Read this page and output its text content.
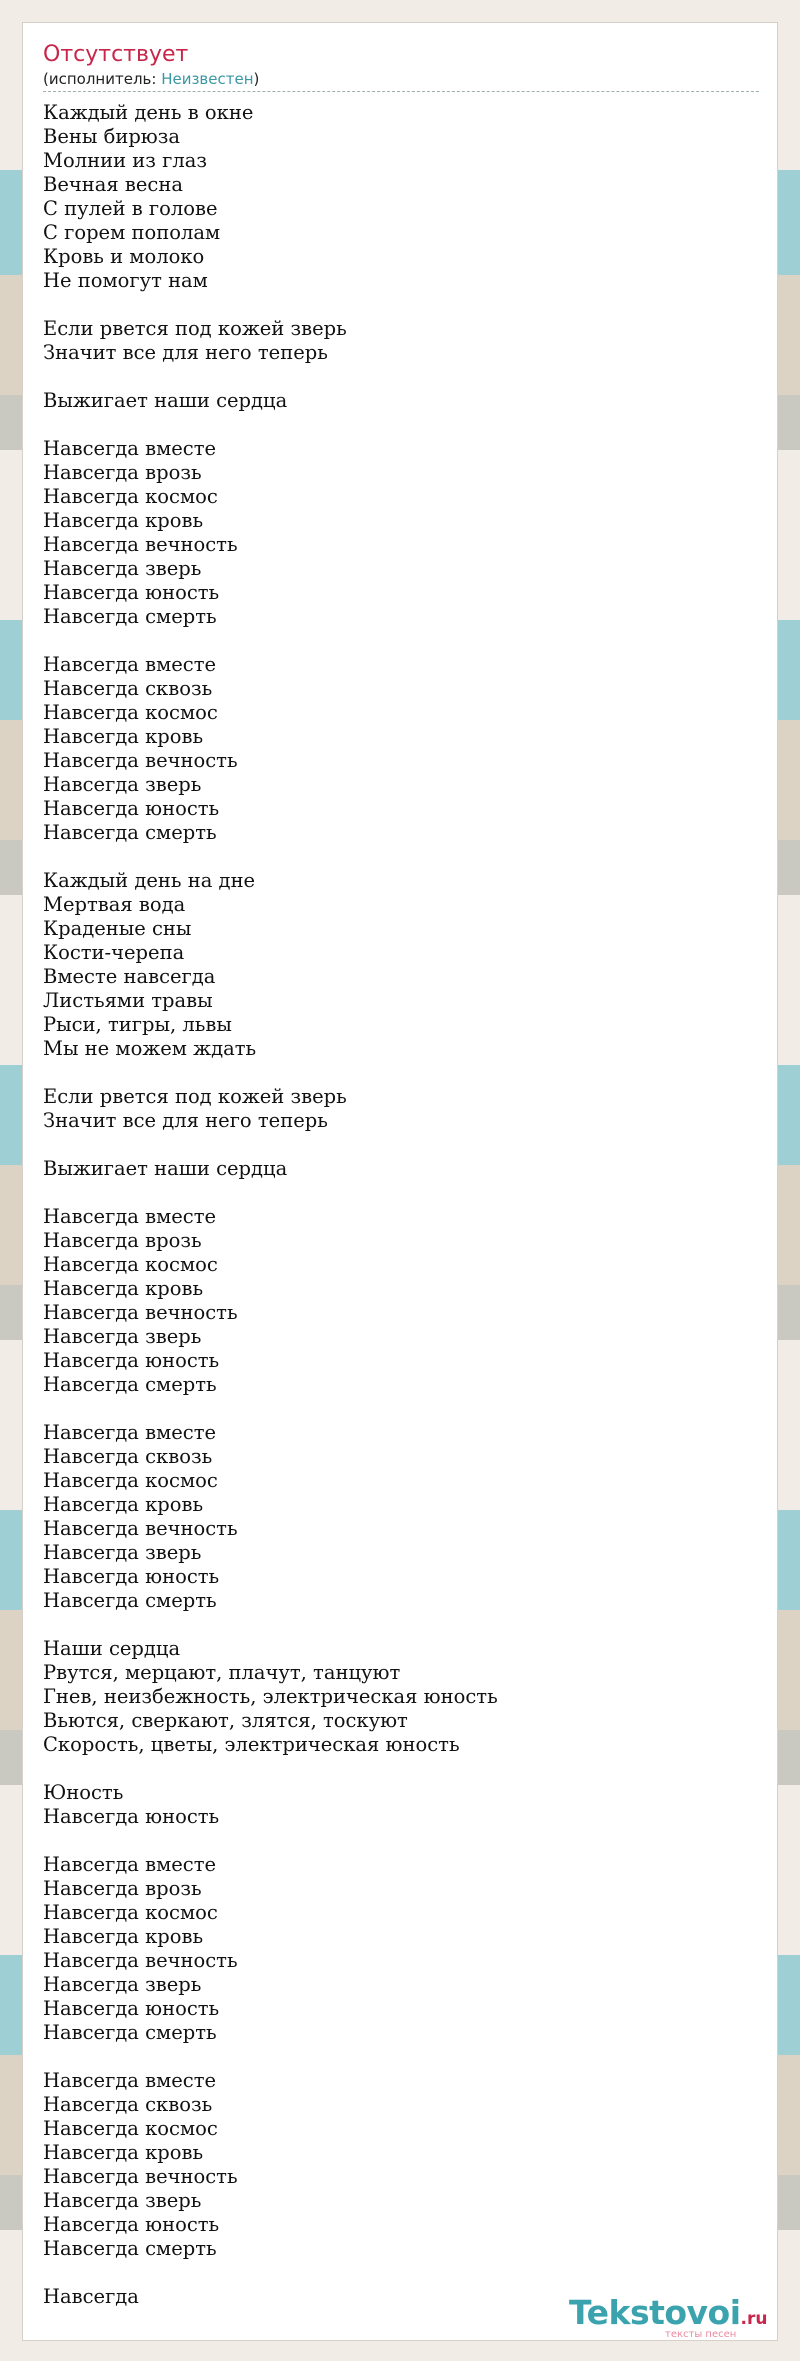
Отсутствует
(исполнитель: Неизвестен)
Каждый день в окне
Вены бирюза
Молнии из глаз
Вечная весна
С пулей в голове
С горем пополам
Кровь и молоко
Не помогут нам
Если рвется под кожей зверь
Значит все для него теперь
Выжигает наши сердца
Навсегда вместе
Навсегда врозь
Навсегда космос
Навсегда кровь
Навсегда вечность
Навсегда зверь
Навсегда юность
Навсегда смерть
Навсегда вместе
Навсегда сквозь
Навсегда космос
Навсегда кровь
Навсегда вечность
Навсегда зверь
Навсегда юность
Навсегда смерть
Каждый день на дне
Мертвая вода
Краденые сны
Кости-черепа
Вместе навсегда
Листьями травы
Рыси, тигры, львы
Мы не можем ждать
Если рвется под кожей зверь
Значит все для него теперь
Выжигает наши сердца
Навсегда вместе
Навсегда врозь
Навсегда космос
Навсегда кровь
Навсегда вечность
Навсегда зверь
Навсегда юность
Навсегда смерть
Навсегда вместе
Навсегда сквозь
Навсегда космос
Навсегда кровь
Навсегда вечность
Навсегда зверь
Навсегда юность
Навсегда смерть
Наши сердца
Рвутся, мерцают, плачут, танцуют
Гнев, неизбежность, электрическая юность
Вьются, сверкают, злятся, тоскуют
Скорость, цветы, электрическая юность
Юность
Навсегда юность
Навсегда вместе
Навсегда врозь
Навсегда космос
Навсегда кровь
Навсегда вечность
Навсегда зверь
Навсегда юность
Навсегда смерть
Навсегда вместе
Навсегда сквозь
Навсегда космос
Навсегда кровь
Навсегда вечность
Навсегда зверь
Навсегда юность
Навсегда смерть
Навсегда	Tekstovoi.ru
тексты песен
